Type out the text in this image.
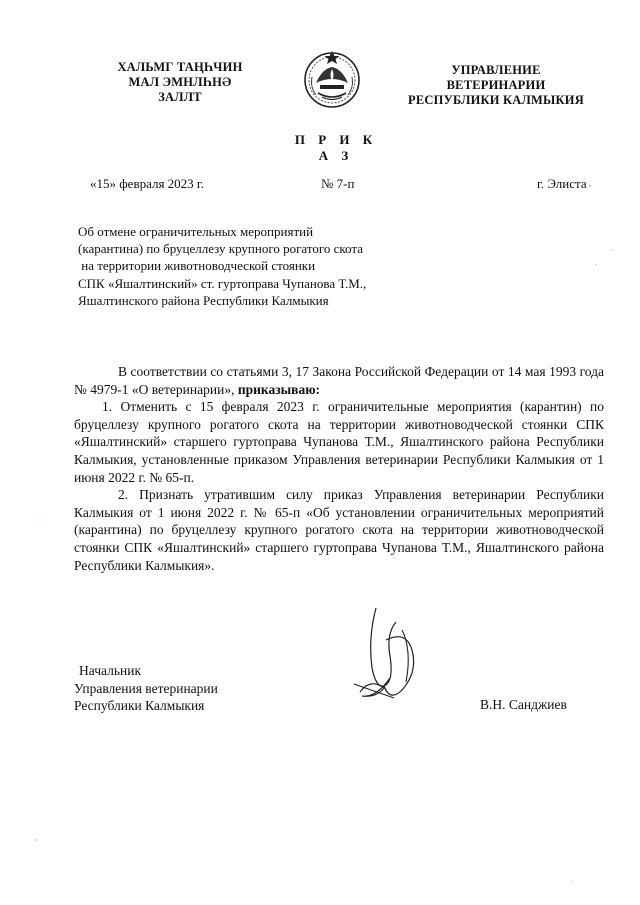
ХАЛЬМГ ТАҢҺЧИН
МАЛ ЭМНЛҺНӘ
ЗАЛЛТ
УПРАВЛЕНИЕ
ВЕТЕРИНАРИИ
РЕСПУБЛИКИ КАЛМЫКИЯ
П Р И К А З
«15» февраля 2023 г.	№ 7-п	г. Элиста
Об отмене ограничительных мероприятий
(карантина) по бруцеллезу крупного рогатого скота
на территории животноводческой стоянки
СПК «Яшалтинский» ст. гуртоправа Чупанова Т.М.,
Яшалтинского района Республики Калмыкия

В соответствии со статьями 3, 17 Закона Российской Федерации от 14 мая 1993 года № 4979-1 «О ветеринарии», приказываю:

1. Отменить с 15 февраля 2023 г. ограничительные мероприятия (карантин) по бруцеллезу крупного рогатого скота на территории животноводческой стоянки СПК «Яшалтинский» старшего гуртоправа Чупанова Т.М., Яшалтинского района Республики Калмыкия, установленные приказом Управления ветеринарии Республики Калмыкия от 1 июня 2022 г. № 65-п.

2. Признать утратившим силу приказ Управления ветеринарии Республики Калмыкия от 1 июня 2022 г. № 65-п «Об установлении ограничительных мероприятий (карантина) по бруцеллезу крупного рогатого скота на территории животноводческой стоянки СПК «Яшалтинский» старшего гуртоправа Чупанова Т.М., Яшалтинского района Республики Калмыкия».

Начальник
Управления ветеринарии
Республики Калмыкия	В.Н. Санджиев
